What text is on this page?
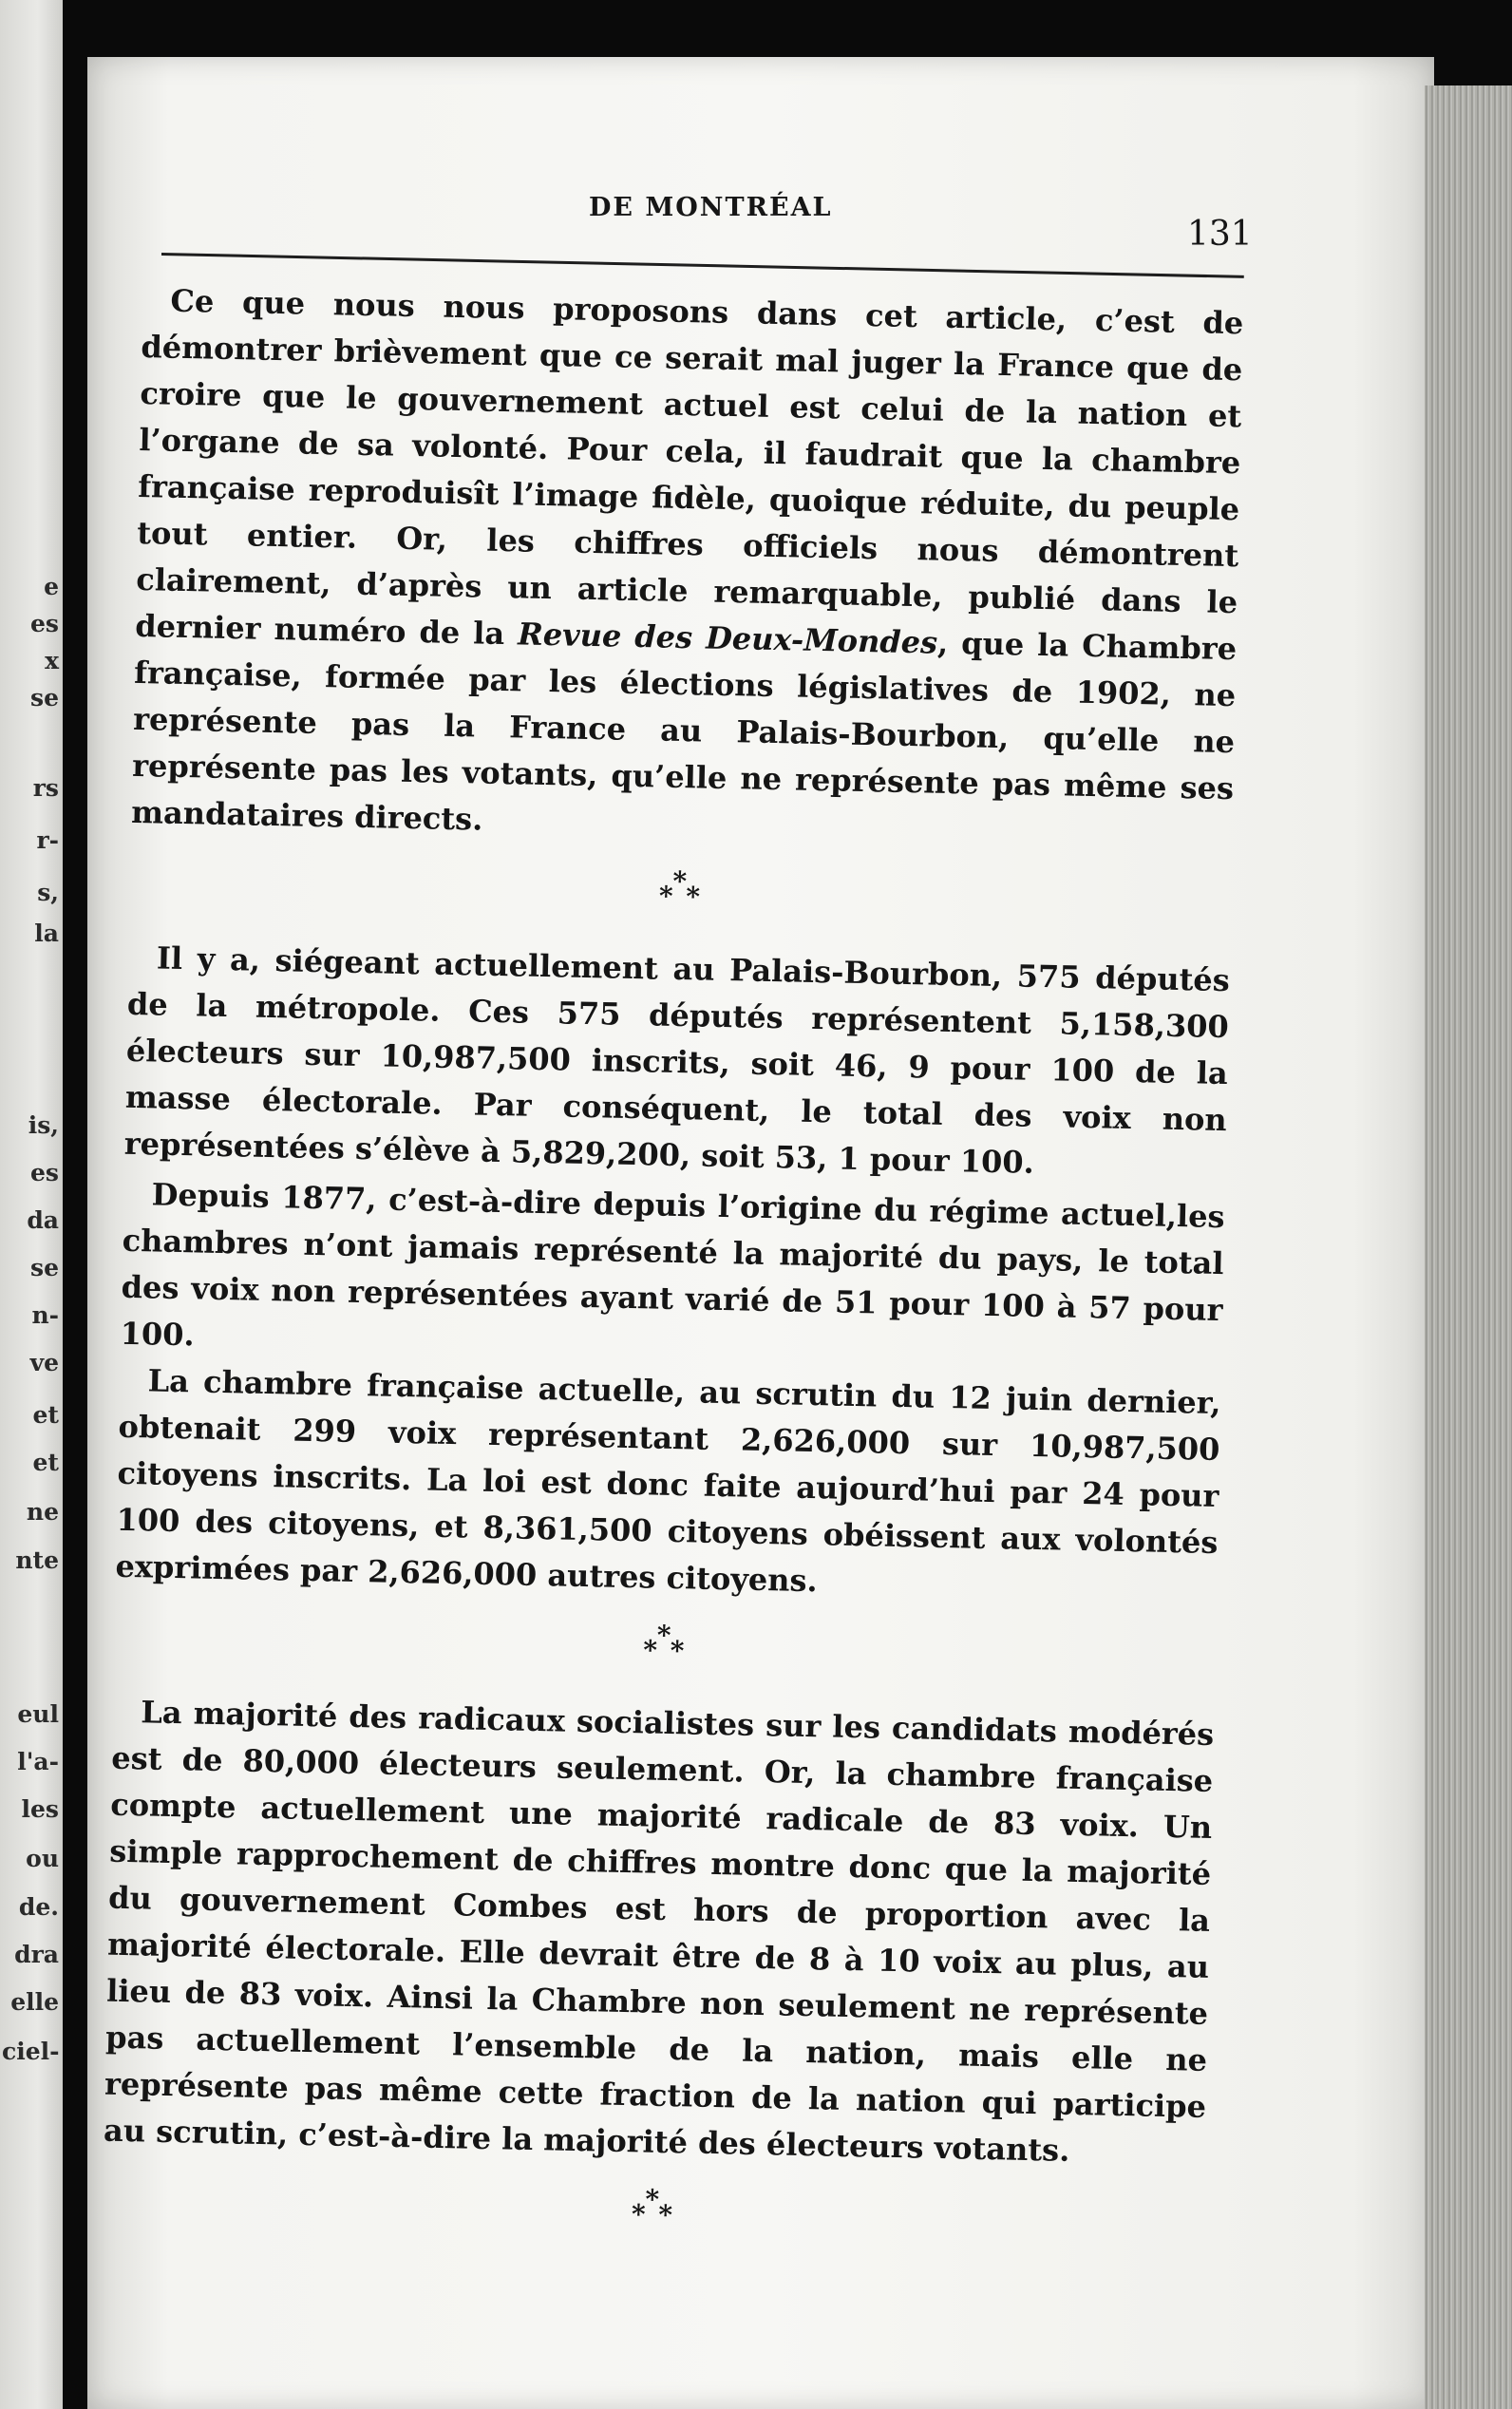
e
es
x
se
rs
r-
s,
la
is,
es
da
se
n-
ve
et
et
ne
nte
eul
l'a-
les
ou
de.
dra
elle
ciel-
DE MONTRÉAL
131

Ce que nous nous proposons dans cet article, c’est de démontrer brièvement que ce serait mal juger la France que de croire que le gouvernement actuel est celui de la nation et l’organe de sa volonté. Pour cela, il faudrait que la chambre française reproduisît l’image fidèle, quoique réduite, du peuple tout entier. Or, les chiffres officiels nous démontrent clairement, d’après un article remarquable, publié dans le dernier numéro de la Revue des Deux-Mondes, que la Chambre française, formée par les élections législatives de 1902, ne représente pas la France au Palais-Bourbon, qu’elle ne représente pas les votants, qu’elle ne représente pas même ses mandataires directs.

* * *

Il y a, siégeant actuellement au Palais-Bourbon, 575 députés de la métropole. Ces 575 députés représentent 5,158,300 électeurs sur 10,987,500 inscrits, soit 46, 9 pour 100 de la masse électorale. Par conséquent, le total des voix non représentées s’élève à 5,829,200, soit 53, 1 pour 100.

Depuis 1877, c’est-à-dire depuis l’origine du régime actuel,les chambres n’ont jamais représenté la majorité du pays, le total des voix non représentées ayant varié de 51 pour 100 à 57 pour 100.

La chambre française actuelle, au scrutin du 12 juin dernier, obtenait 299 voix représentant 2,626,000 sur 10,987,500 citoyens inscrits. La loi est donc faite aujourd’hui par 24 pour 100 des citoyens, et 8,361,500 citoyens obéissent aux volontés exprimées par 2,626,000 autres citoyens.

* * *

La majorité des radicaux socialistes sur les candidats modérés est de 80,000 électeurs seulement. Or, la chambre française compte actuellement une majorité radicale de 83 voix. Un simple rapprochement de chiffres montre donc que la majorité du gouvernement Combes est hors de proportion avec la majorité électorale. Elle devrait être de 8 à 10 voix au plus, au lieu de 83 voix. Ainsi la Chambre non seulement ne représente pas actuellement l’ensemble de la nation, mais elle ne représente pas même cette fraction de la nation qui participe au scrutin, c’est-à-dire la majorité des électeurs votants.

* * *
